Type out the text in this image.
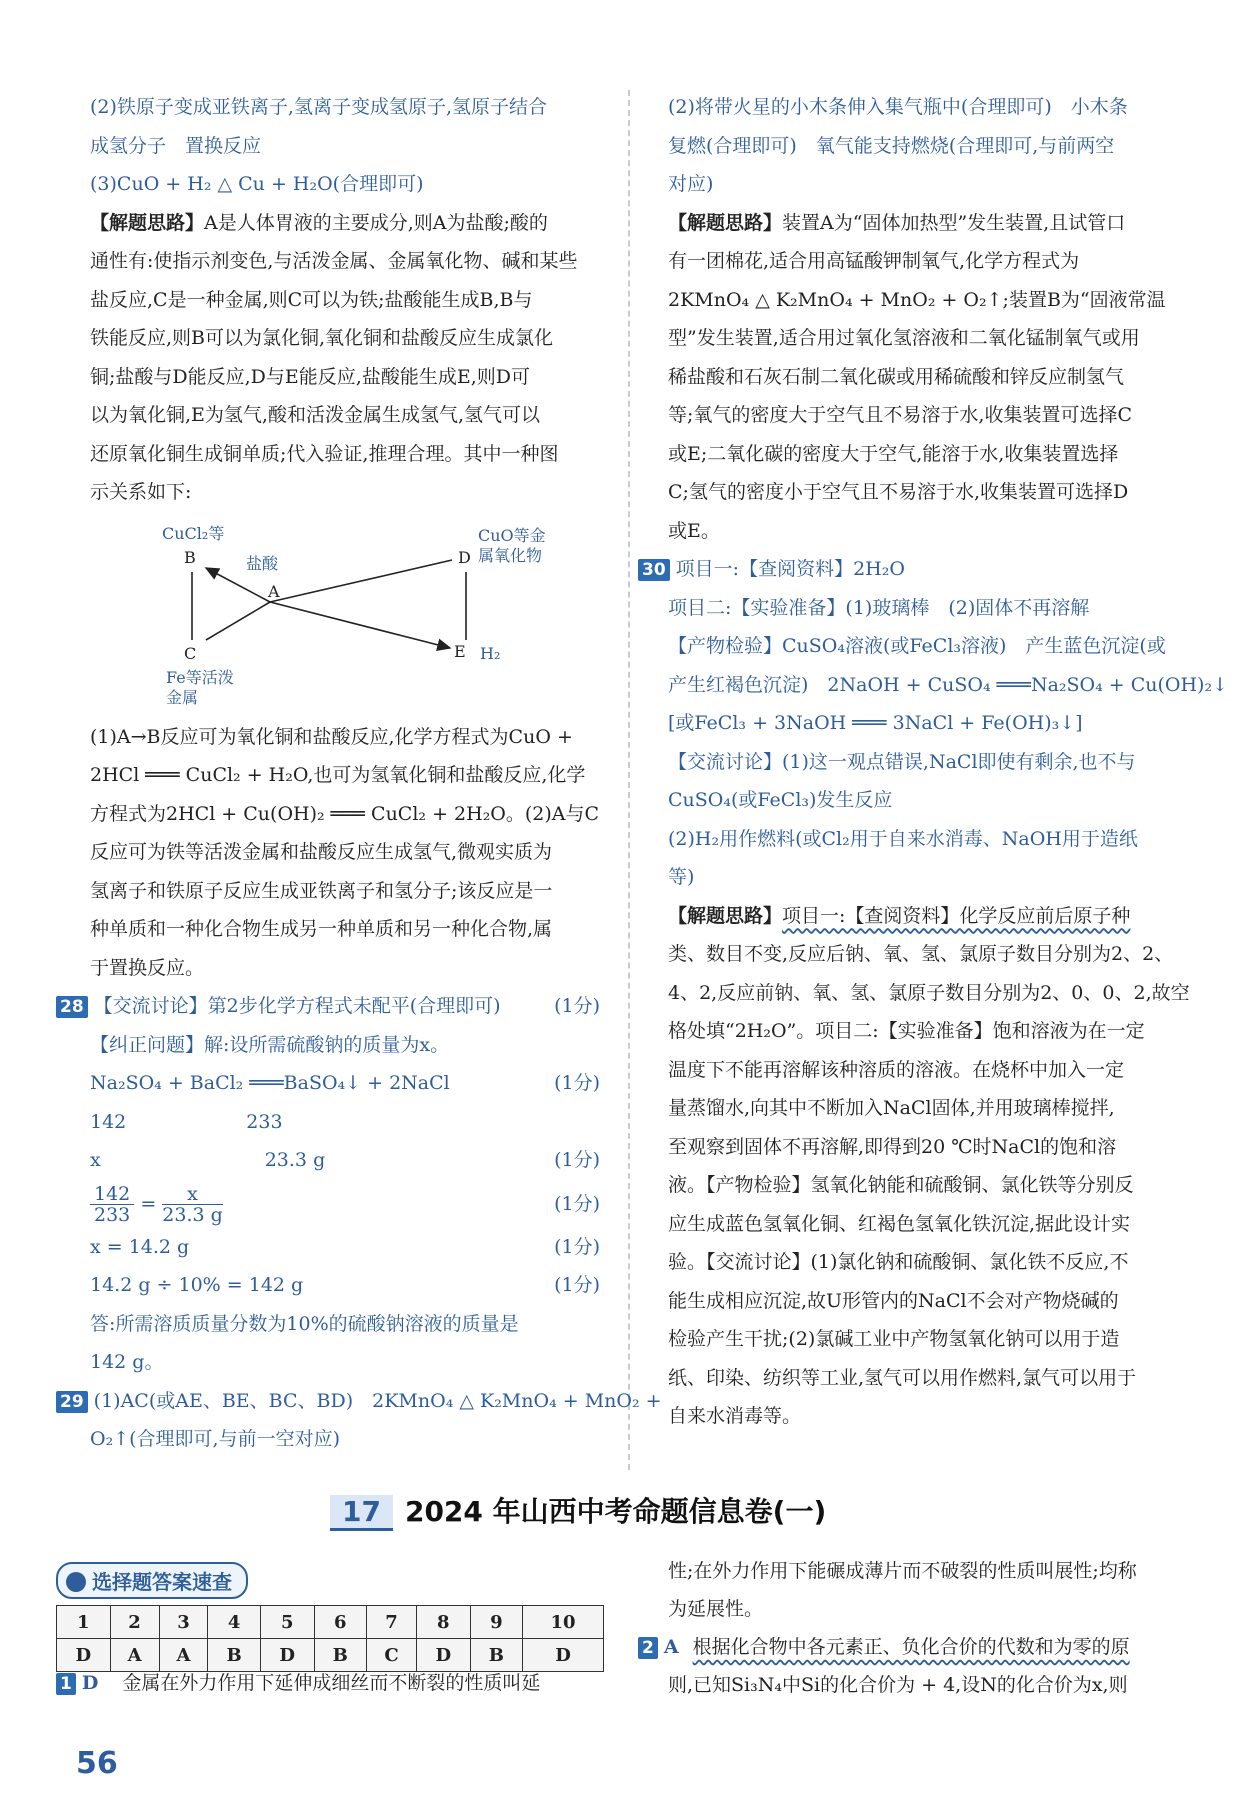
(2)铁原子变成亚铁离子,氢离子变成氢原子,氢原子结合
成氢分子　置换反应
(3)CuO + H₂ △ Cu + H₂O(合理即可)
【解题思路】A是人体胃液的主要成分,则A为盐酸;酸的
通性有:使指示剂变色,与活泼金属、金属氧化物、碱和某些
盐反应,C是一种金属,则C可以为铁;盐酸能生成B,B与
铁能反应,则B可以为氯化铜,氧化铜和盐酸反应生成氯化
铜;盐酸与D能反应,D与E能反应,盐酸能生成E,则D可
以为氧化铜,E为氢气,酸和活泼金属生成氢气,氢气可以
还原氧化铜生成铜单质;代入验证,推理合理。其中一种图
示关系如下:
CuCl₂等
B	D
CuO等金
属氧化物
盐酸
A
C	E H₂
Fe等活泼
金属
(1)A→B反应可为氧化铜和盐酸反应,化学方程式为CuO +
2HCl ═══ CuCl₂ + H₂O,也可为氢氧化铜和盐酸反应,化学
方程式为2HCl + Cu(OH)₂ ═══ CuCl₂ + 2H₂O。(2)A与C
反应可为铁等活泼金属和盐酸反应生成氢气,微观实质为
氢离子和铁原子反应生成亚铁离子和氢分子;该反应是一
种单质和一种化合物生成另一种单质和另一种化合物,属
于置换反应。
28 【交流讨论】第2步化学方程式未配平(合理即可)	(1分)
【纠正问题】解:设所需硫酸钠的质量为x。
Na₂SO₄ + BaCl₂ ═══BaSO₄↓ + 2NaCl	(1分)
142	233
x	23.3 g	(1分)
$\frac{142}{233} = \frac{x}{23.3 g}$	(1分)
x = 14.2 g	(1分)
14.2 g ÷ 10% = 142 g	(1分)
答:所需溶质质量分数为10%的硫酸钠溶液的质量是
142 g。
29 (1)AC(或AE、BE、BC、BD)　2KMnO₄ △ K₂MnO₄ + MnO₂ +
O₂↑(合理即可,与前一空对应)
(2)将带火星的小木条伸入集气瓶中(合理即可)　小木条
复燃(合理即可)　氧气能支持燃烧(合理即可,与前两空
对应)
【解题思路】装置A为“固体加热型”发生装置,且试管口
有一团棉花,适合用高锰酸钾制氧气,化学方程式为
2KMnO₄ △ K₂MnO₄ + MnO₂ + O₂↑;装置B为“固液常温
型”发生装置,适合用过氧化氢溶液和二氧化锰制氧气或用
稀盐酸和石灰石制二氧化碳或用稀硫酸和锌反应制氢气
等;氧气的密度大于空气且不易溶于水,收集装置可选择C
或E;二氧化碳的密度大于空气,能溶于水,收集装置选择
C;氢气的密度小于空气且不易溶于水,收集装置可选择D
或E。
30 项目一:【查阅资料】2H₂O
项目二:【实验准备】(1)玻璃棒　(2)固体不再溶解
【产物检验】CuSO₄溶液(或FeCl₃溶液)　产生蓝色沉淀(或
产生红褐色沉淀)　2NaOH + CuSO₄ ═══Na₂SO₄ + Cu(OH)₂↓
[或FeCl₃ + 3NaOH ═══ 3NaCl + Fe(OH)₃↓]
【交流讨论】(1)这一观点错误,NaCl即使有剩余,也不与
CuSO₄(或FeCl₃)发生反应
(2)H₂用作燃料(或Cl₂用于自来水消毒、NaOH用于造纸
等)
【解题思路】项目一:【查阅资料】化学反应前后原子种
类、数目不变,反应后钠、氧、氢、氯原子数目分别为2、2、
4、2,反应前钠、氧、氢、氯原子数目分别为2、0、0、2,故空
格处填“2H₂O”。项目二:【实验准备】饱和溶液为在一定
温度下不能再溶解该种溶质的溶液。在烧杯中加入一定
量蒸馏水,向其中不断加入NaCl固体,并用玻璃棒搅拌,
至观察到固体不再溶解,即得到20 ℃时NaCl的饱和溶
液。【产物检验】氢氧化钠能和硫酸铜、氯化铁等分别反
应生成蓝色氢氧化铜、红褐色氢氧化铁沉淀,据此设计实
验。【交流讨论】(1)氯化钠和硫酸铜、氯化铁不反应,不
能生成相应沉淀,故U形管内的NaCl不会对产物烧碱的
检验产生干扰;(2)氯碱工业中产物氢氧化钠可以用于造
纸、印染、纺织等工业,氢气可以用作燃料,氯气可以用于
自来水消毒等。
17 2024 年山西中考命题信息卷(一)
选择题答案速查
1	2	3	4	5	6	7	8	9	10
D	A	A	B	D	B	C	D	B	D
1 D 金属在外力作用下延伸成细丝而不断裂的性质叫延
性;在外力作用下能碾成薄片而不破裂的性质叫展性;均称
为延展性。
2 A 根据化合物中各元素正、负化合价的代数和为零的原
则,已知Si₃N₄中Si的化合价为 + 4,设N的化合价为x,则
56
